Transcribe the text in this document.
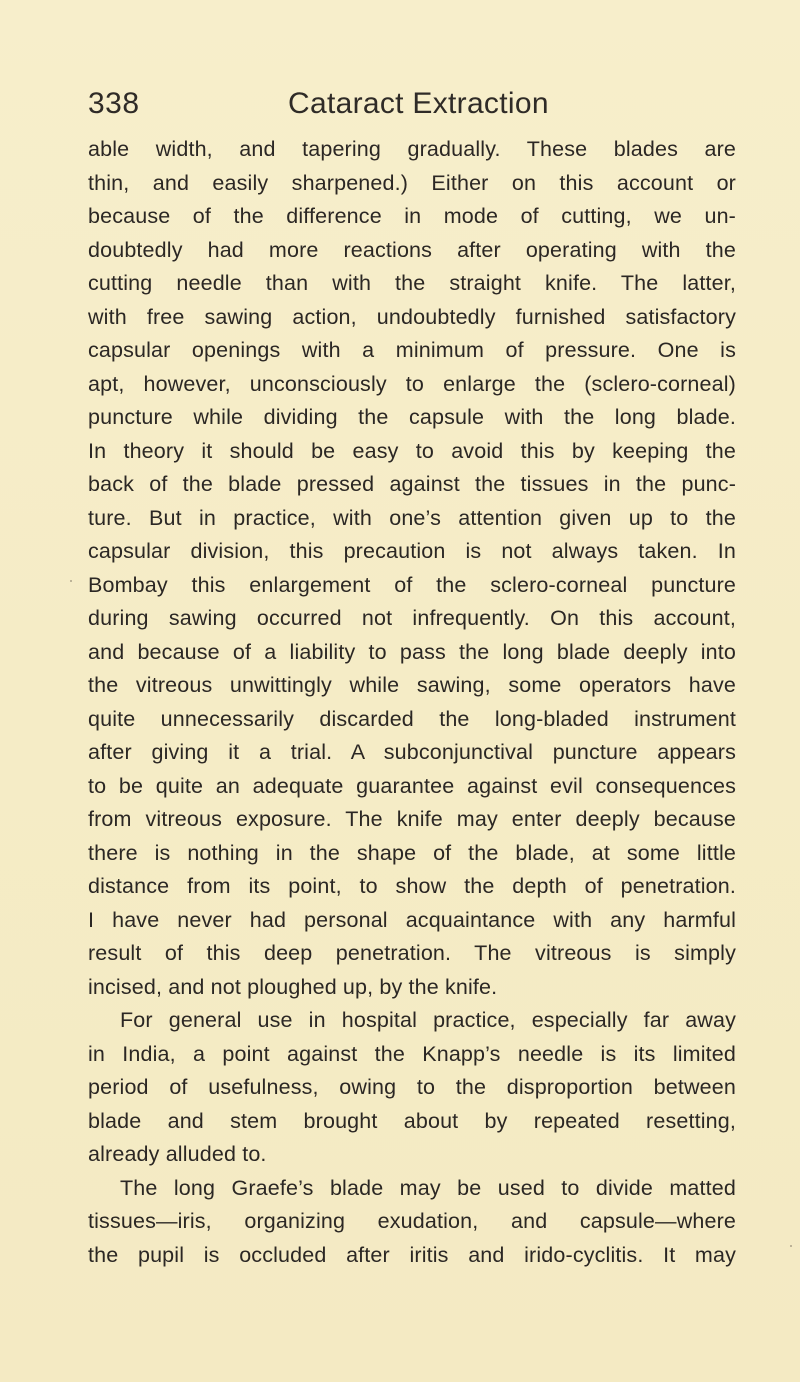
338	Cataract Extraction
able width, and tapering gradually. These blades are
thin, and easily sharpened.) Either on this account or
because of the difference in mode of cutting, we un-
doubtedly had more reactions after operating with the
cutting needle than with the straight knife. The latter,
with free sawing action, undoubtedly furnished satisfactory
capsular openings with a minimum of pressure. One is
apt, however, unconsciously to enlarge the (sclero-corneal)
puncture while dividing the capsule with the long blade.
In theory it should be easy to avoid this by keeping the
back of the blade pressed against the tissues in the punc-
ture. But in practice, with one’s attention given up to the
capsular division, this precaution is not always taken. In
Bombay this enlargement of the sclero-corneal puncture
during sawing occurred not infrequently. On this account,
and because of a liability to pass the long blade deeply into
the vitreous unwittingly while sawing, some operators have
quite unnecessarily discarded the long-bladed instrument
after giving it a trial. A subconjunctival puncture appears
to be quite an adequate guarantee against evil consequences
from vitreous exposure. The knife may enter deeply because
there is nothing in the shape of the blade, at some little
distance from its point, to show the depth of penetration.
I have never had personal acquaintance with any harmful
result of this deep penetration. The vitreous is simply
incised, and not ploughed up, by the knife.
For general use in hospital practice, especially far away
in India, a point against the Knapp’s needle is its limited
period of usefulness, owing to the disproportion between
blade and stem brought about by repeated resetting,
already alluded to.
The long Graefe’s blade may be used to divide matted
tissues—iris, organizing exudation, and capsule—where
the pupil is occluded after iritis and irido-cyclitis. It may
